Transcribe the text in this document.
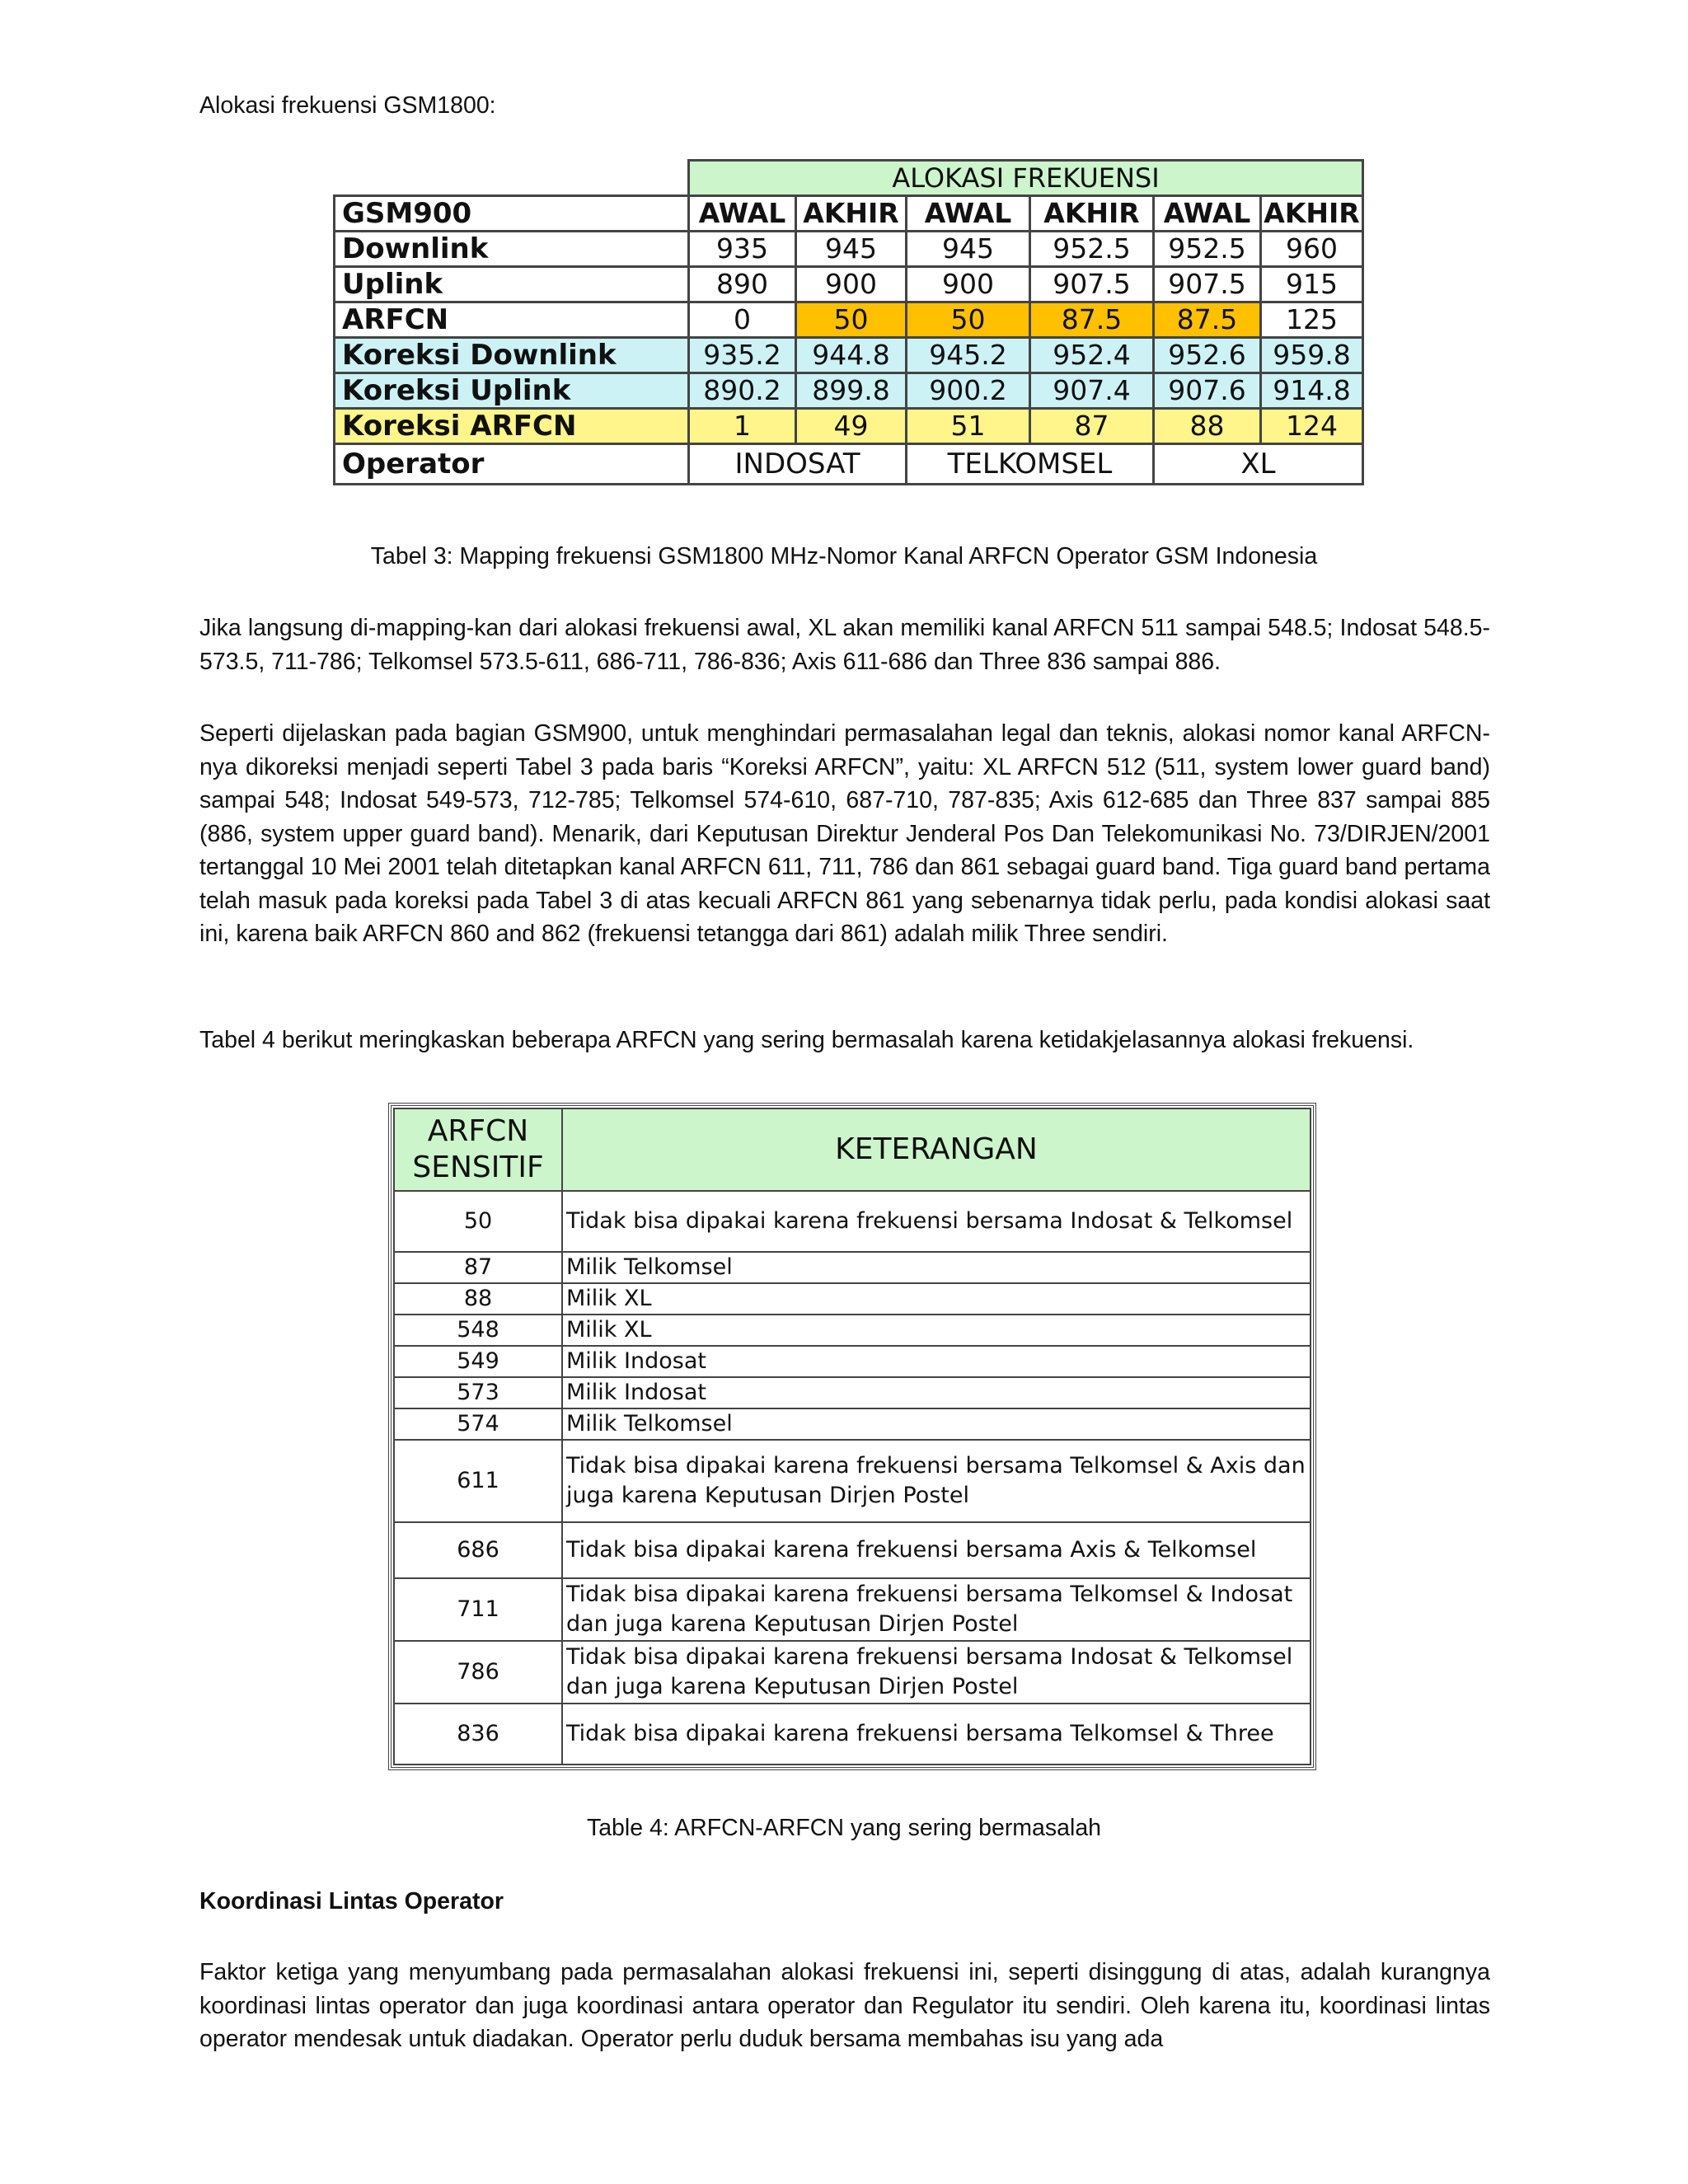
Alokasi frekuensi GSM1800:

	ALOKASI FREKUENSI					
GSM900	AWAL	AKHIR	AWAL	AKHIR	AWAL	AKHIR
Downlink	935	945	945	952.5	952.5	960
Uplink	890	900	900	907.5	907.5	915
ARFCN	0	50	50	87.5	87.5	125
Koreksi Downlink	935.2	944.8	945.2	952.4	952.6	959.8
Koreksi Uplink	890.2	899.8	900.2	907.4	907.6	914.8
Koreksi ARFCN	1	49	51	87	88	124
Operator	INDOSAT		TELKOMSEL		XL	

Tabel 3: Mapping frekuensi GSM1800 MHz-Nomor Kanal ARFCN Operator GSM Indonesia

Jika langsung di-mapping-kan dari alokasi frekuensi awal, XL akan memiliki kanal ARFCN 511 sampai 548.5; Indosat 548.5-573.5, 711-786; Telkomsel 573.5-611, 686-711, 786-836; Axis 611-686 dan Three 836 sampai 886.

Seperti dijelaskan pada bagian GSM900, untuk menghindari permasalahan legal dan teknis, alokasi nomor kanal ARFCN-nya dikoreksi menjadi seperti Tabel 3 pada baris “Koreksi ARFCN”, yaitu: XL ARFCN 512 (511, system lower guard band) sampai 548; Indosat 549-573, 712-785; Telkomsel 574-610, 687-710, 787-835; Axis 612-685 dan Three 837 sampai 885 (886, system upper guard band). Menarik, dari Keputusan Direktur Jenderal Pos Dan Telekomunikasi No. 73/DIRJEN/2001 tertanggal 10 Mei 2001 telah ditetapkan kanal ARFCN 611, 711, 786 dan 861 sebagai guard band. Tiga guard band pertama telah masuk pada koreksi pada Tabel 3 di atas kecuali ARFCN 861 yang sebenarnya tidak perlu, pada kondisi alokasi saat ini, karena baik ARFCN 860 and 862 (frekuensi tetangga dari 861) adalah milik Three sendiri.

Tabel 4 berikut meringkaskan beberapa ARFCN yang sering bermasalah karena ketidakjelasannya alokasi frekuensi.

ARFCN
SENSITIF	KETERANGAN
50	Tidak bisa dipakai karena frekuensi bersama Indosat & Telkomsel
87	Milik Telkomsel
88	Milik XL
548	Milik XL
549	Milik Indosat
573	Milik Indosat
574	Milik Telkomsel
611	Tidak bisa dipakai karena frekuensi bersama Telkomsel & Axis dan juga karena Keputusan Dirjen Postel
686	Tidak bisa dipakai karena frekuensi bersama Axis & Telkomsel
711	Tidak bisa dipakai karena frekuensi bersama Telkomsel & Indosat dan juga karena Keputusan Dirjen Postel
786	Tidak bisa dipakai karena frekuensi bersama Indosat & Telkomsel dan juga karena Keputusan Dirjen Postel
836	Tidak bisa dipakai karena frekuensi bersama Telkomsel & Three

Table 4: ARFCN-ARFCN yang sering bermasalah

Koordinasi Lintas Operator

Faktor ketiga yang menyumbang pada permasalahan alokasi frekuensi ini, seperti disinggung di atas, adalah kurangnya koordinasi lintas operator dan juga koordinasi antara operator dan Regulator itu sendiri. Oleh karena itu, koordinasi lintas operator mendesak untuk diadakan. Operator perlu duduk bersama membahas isu yang ada
